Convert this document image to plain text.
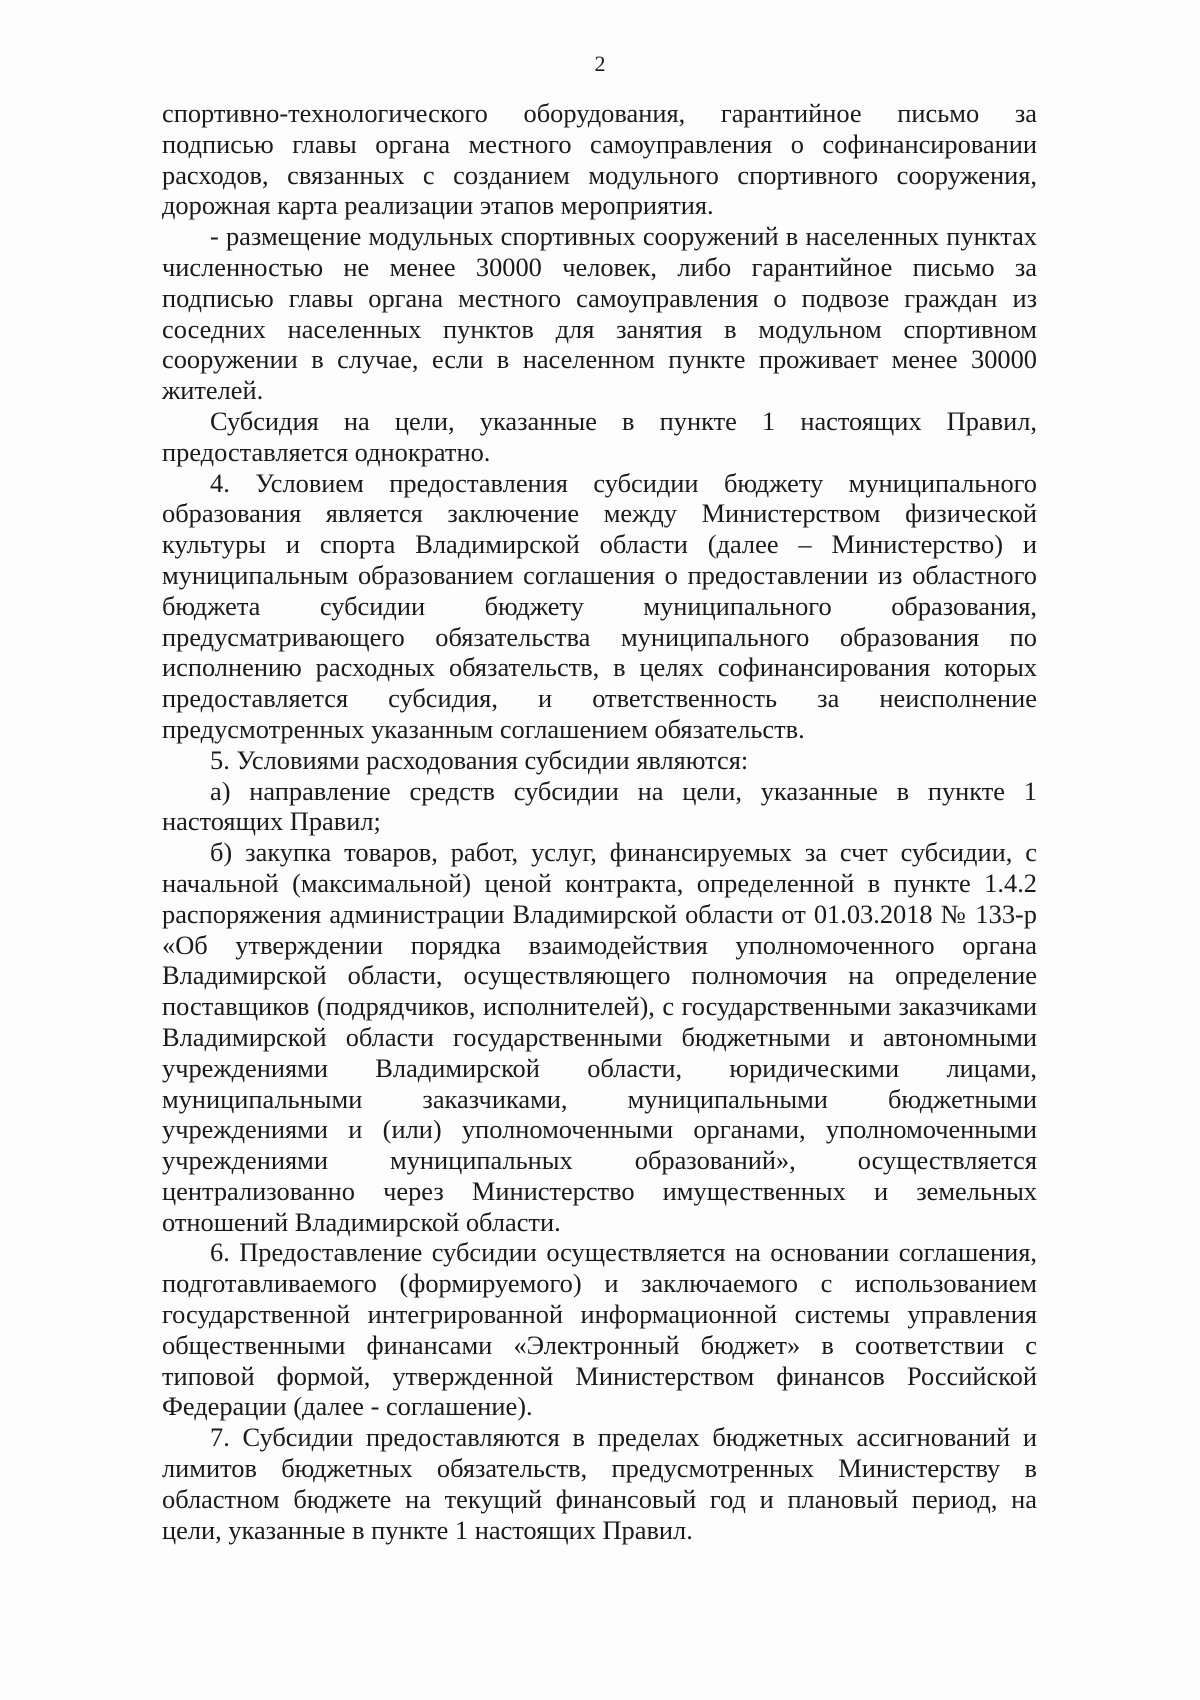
2

спортивно-технологического оборудования, гарантийное письмо за подписью главы органа местного самоуправления о софинансировании расходов, связанных с созданием модульного спортивного сооружения, дорожная карта реализации этапов мероприятия.

- размещение модульных спортивных сооружений в населенных пунктах численностью не менее 30000 человек, либо гарантийное письмо за подписью главы органа местного самоуправления о подвозе граждан из соседних населенных пунктов для занятия в модульном спортивном сооружении в случае, если в населенном пункте проживает менее 30000 жителей.

Субсидия на цели, указанные в пункте 1 настоящих Правил, предоставляется однократно.

4. Условием предоставления субсидии бюджету муниципального образования является заключение между Министерством физической культуры и спорта Владимирской области (далее – Министерство) и муниципальным образованием соглашения о предоставлении из областного бюджета субсидии бюджету муниципального образования, предусматривающего обязательства муниципального образования по исполнению расходных обязательств, в целях софинансирования которых предоставляется субсидия, и ответственность за неисполнение предусмотренных указанным соглашением обязательств.

5. Условиями расходования субсидии являются:

а) направление средств субсидии на цели, указанные в пункте 1 настоящих Правил;

б) закупка товаров, работ, услуг, финансируемых за счет субсидии, с начальной (максимальной) ценой контракта, определенной в пункте 1.4.2 распоряжения администрации Владимирской области от 01.03.2018 № 133-р «Об утверждении порядка взаимодействия уполномоченного органа Владимирской области, осуществляющего полномочия на определение поставщиков (подрядчиков, исполнителей), с государственными заказчиками Владимирской области государственными бюджетными и автономными учреждениями Владимирской области, юридическими лицами, муниципальными заказчиками, муниципальными бюджетными учреждениями и (или) уполномоченными органами, уполномоченными учреждениями муниципальных образований», осуществляется централизованно через Министерство имущественных и земельных отношений Владимирской области.

6. Предоставление субсидии осуществляется на основании соглашения, подготавливаемого (формируемого) и заключаемого с использованием государственной интегрированной информационной системы управления общественными финансами «Электронный бюджет» в соответствии с типовой формой, утвержденной Министерством финансов Российской Федерации (далее - соглашение).

7. Субсидии предоставляются в пределах бюджетных ассигнований и лимитов бюджетных обязательств, предусмотренных Министерству в областном бюджете на текущий финансовый год и плановый период, на цели, указанные в пункте 1 настоящих Правил.
